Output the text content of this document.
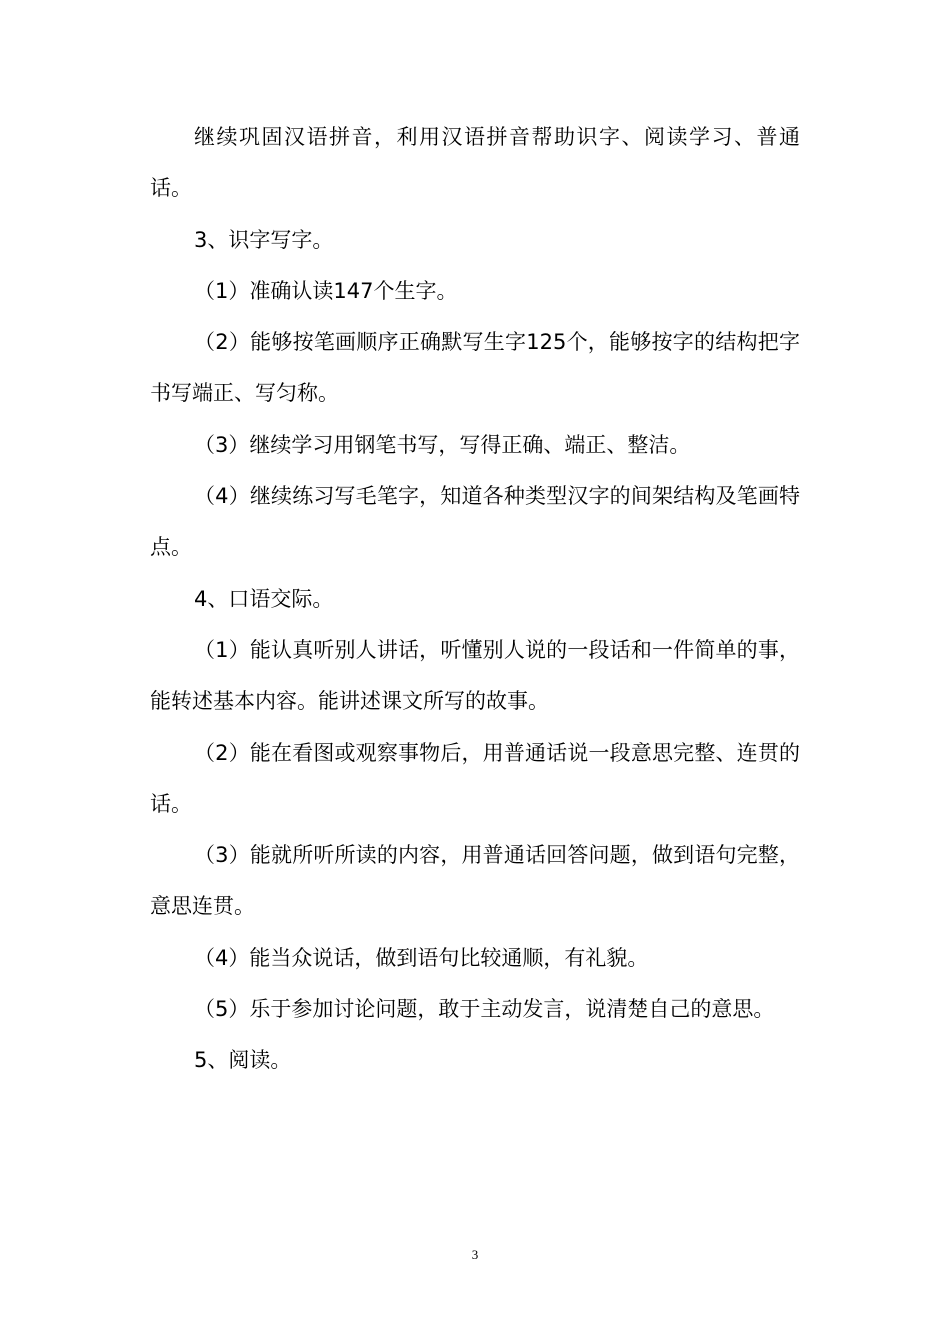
继续巩固汉语拼音，利用汉语拼音帮助识字、阅读学习、普通话。

3、识字写字。

（1）准确认读147个生字。

（2）能够按笔画顺序正确默写生字125个，能够按字的结构把字书写端正、写匀称。

（3）继续学习用钢笔书写，写得正确、端正、整洁。

（4）继续练习写毛笔字，知道各种类型汉字的间架结构及笔画特点。

4、口语交际。

（1）能认真听别人讲话，听懂别人说的一段话和一件简单的事，能转述基本内容。能讲述课文所写的故事。

（2）能在看图或观察事物后，用普通话说一段意思完整、连贯的话。

（3）能就所听所读的内容，用普通话回答问题，做到语句完整，意思连贯。

（4）能当众说话，做到语句比较通顺，有礼貌。

（5）乐于参加讨论问题，敢于主动发言，说清楚自己的意思。

5、阅读。

3
